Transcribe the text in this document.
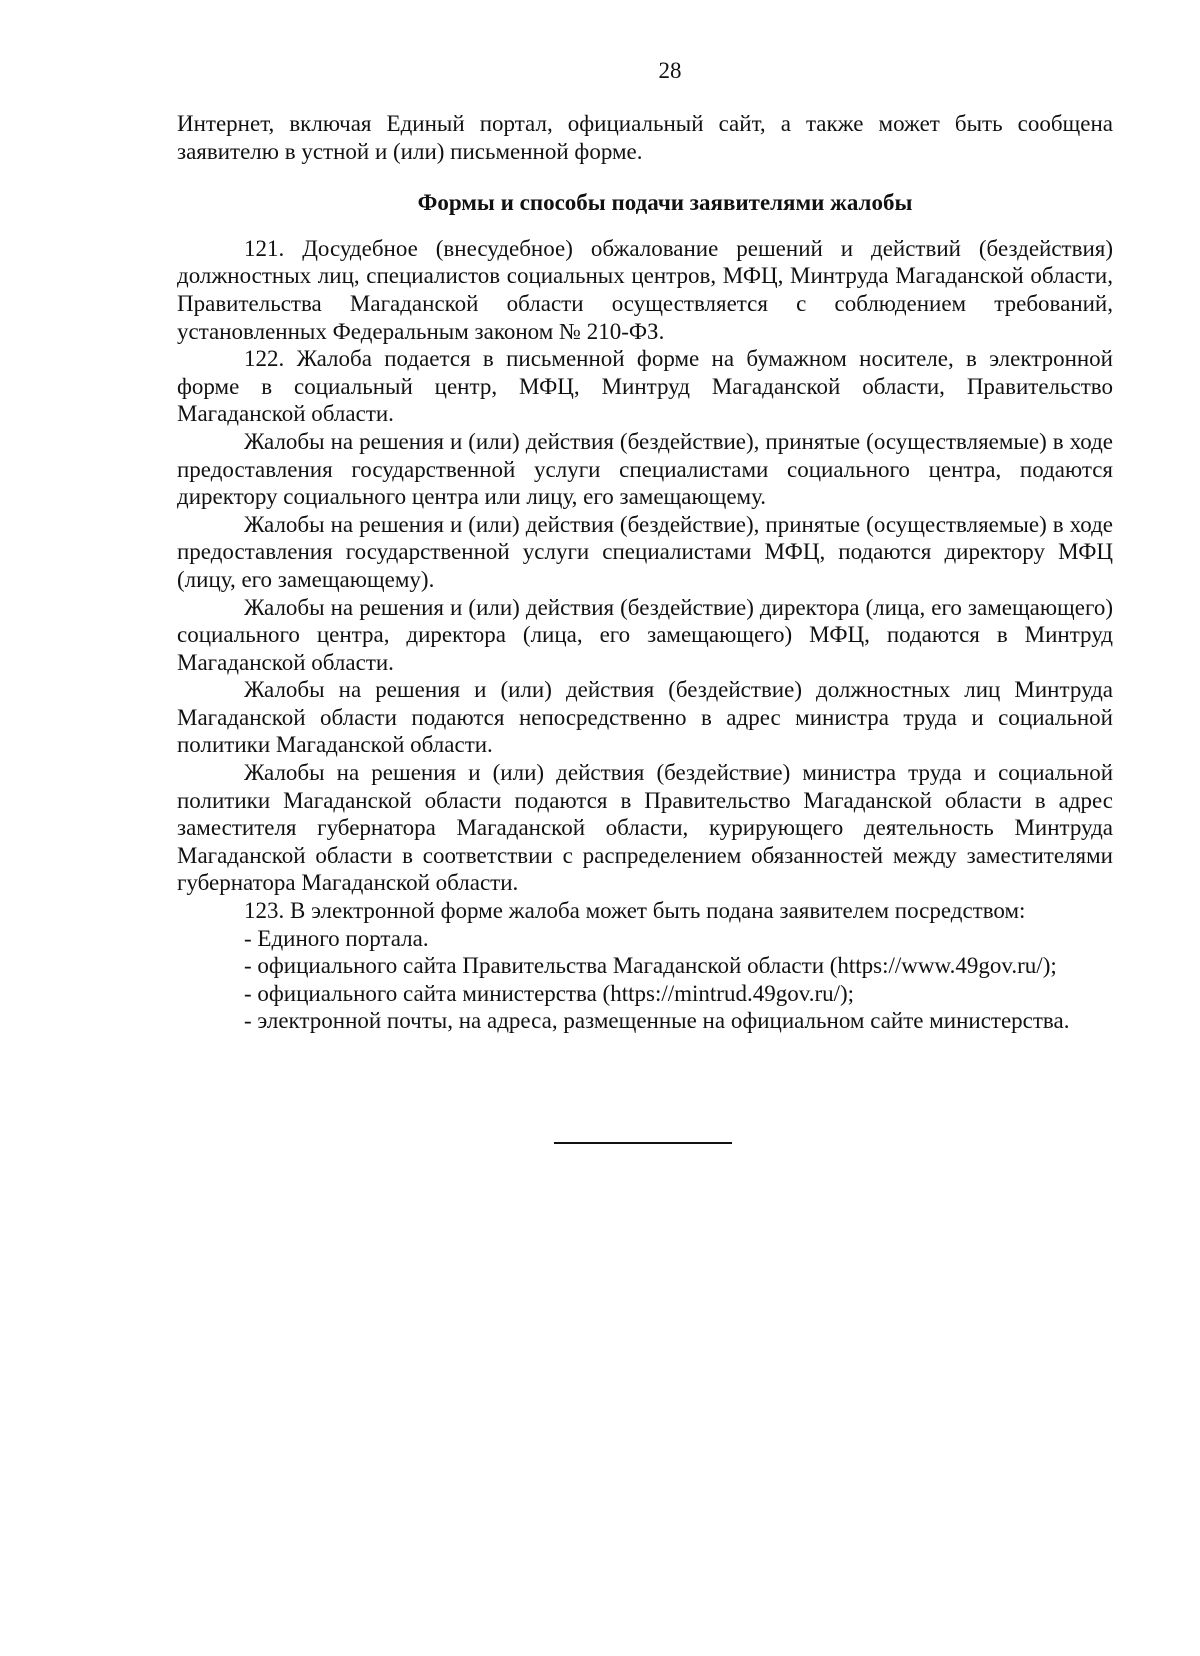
28

Интернет, включая Единый портал, официальный сайт, а также может быть сообщена заявителю в устной и (или) письменной форме.

Формы и способы подачи заявителями жалобы

121. Досудебное (внесудебное) обжалование решений и действий (бездействия) должностных лиц, специалистов социальных центров, МФЦ, Минтруда Магаданской области, Правительства Магаданской области осуществляется с соблюдением требований, установленных Федеральным законом № 210-ФЗ.

122. Жалоба подается в письменной форме на бумажном носителе, в электронной форме в социальный центр, МФЦ, Минтруд Магаданской области, Правительство Магаданской области.

Жалобы на решения и (или) действия (бездействие), принятые (осуществляемые) в ходе предоставления государственной услуги специалистами социального центра, подаются директору социального центра или лицу, его замещающему.

Жалобы на решения и (или) действия (бездействие), принятые (осуществляемые) в ходе предоставления государственной услуги специалистами МФЦ, подаются директору МФЦ (лицу, его замещающему).

Жалобы на решения и (или) действия (бездействие) директора (лица, его замещающего) социального центра, директора (лица, его замещающего) МФЦ, подаются в Минтруд Магаданской области.

Жалобы на решения и (или) действия (бездействие) должностных лиц Минтруда Магаданской области подаются непосредственно в адрес министра труда и социальной политики Магаданской области.

Жалобы на решения и (или) действия (бездействие) министра труда и социальной политики Магаданской области подаются в Правительство Магаданской области в адрес заместителя губернатора Магаданской области, курирующего деятельность Минтруда Магаданской области в соответствии с распределением обязанностей между заместителями губернатора Магаданской области.

123. В электронной форме жалоба может быть подана заявителем посредством:

- Единого портала.

- официального сайта Правительства Магаданской области (https://www.49gov.ru/);

- официального сайта министерства (https://mintrud.49gov.ru/);

- электронной почты, на адреса, размещенные на официальном сайте министерства.
